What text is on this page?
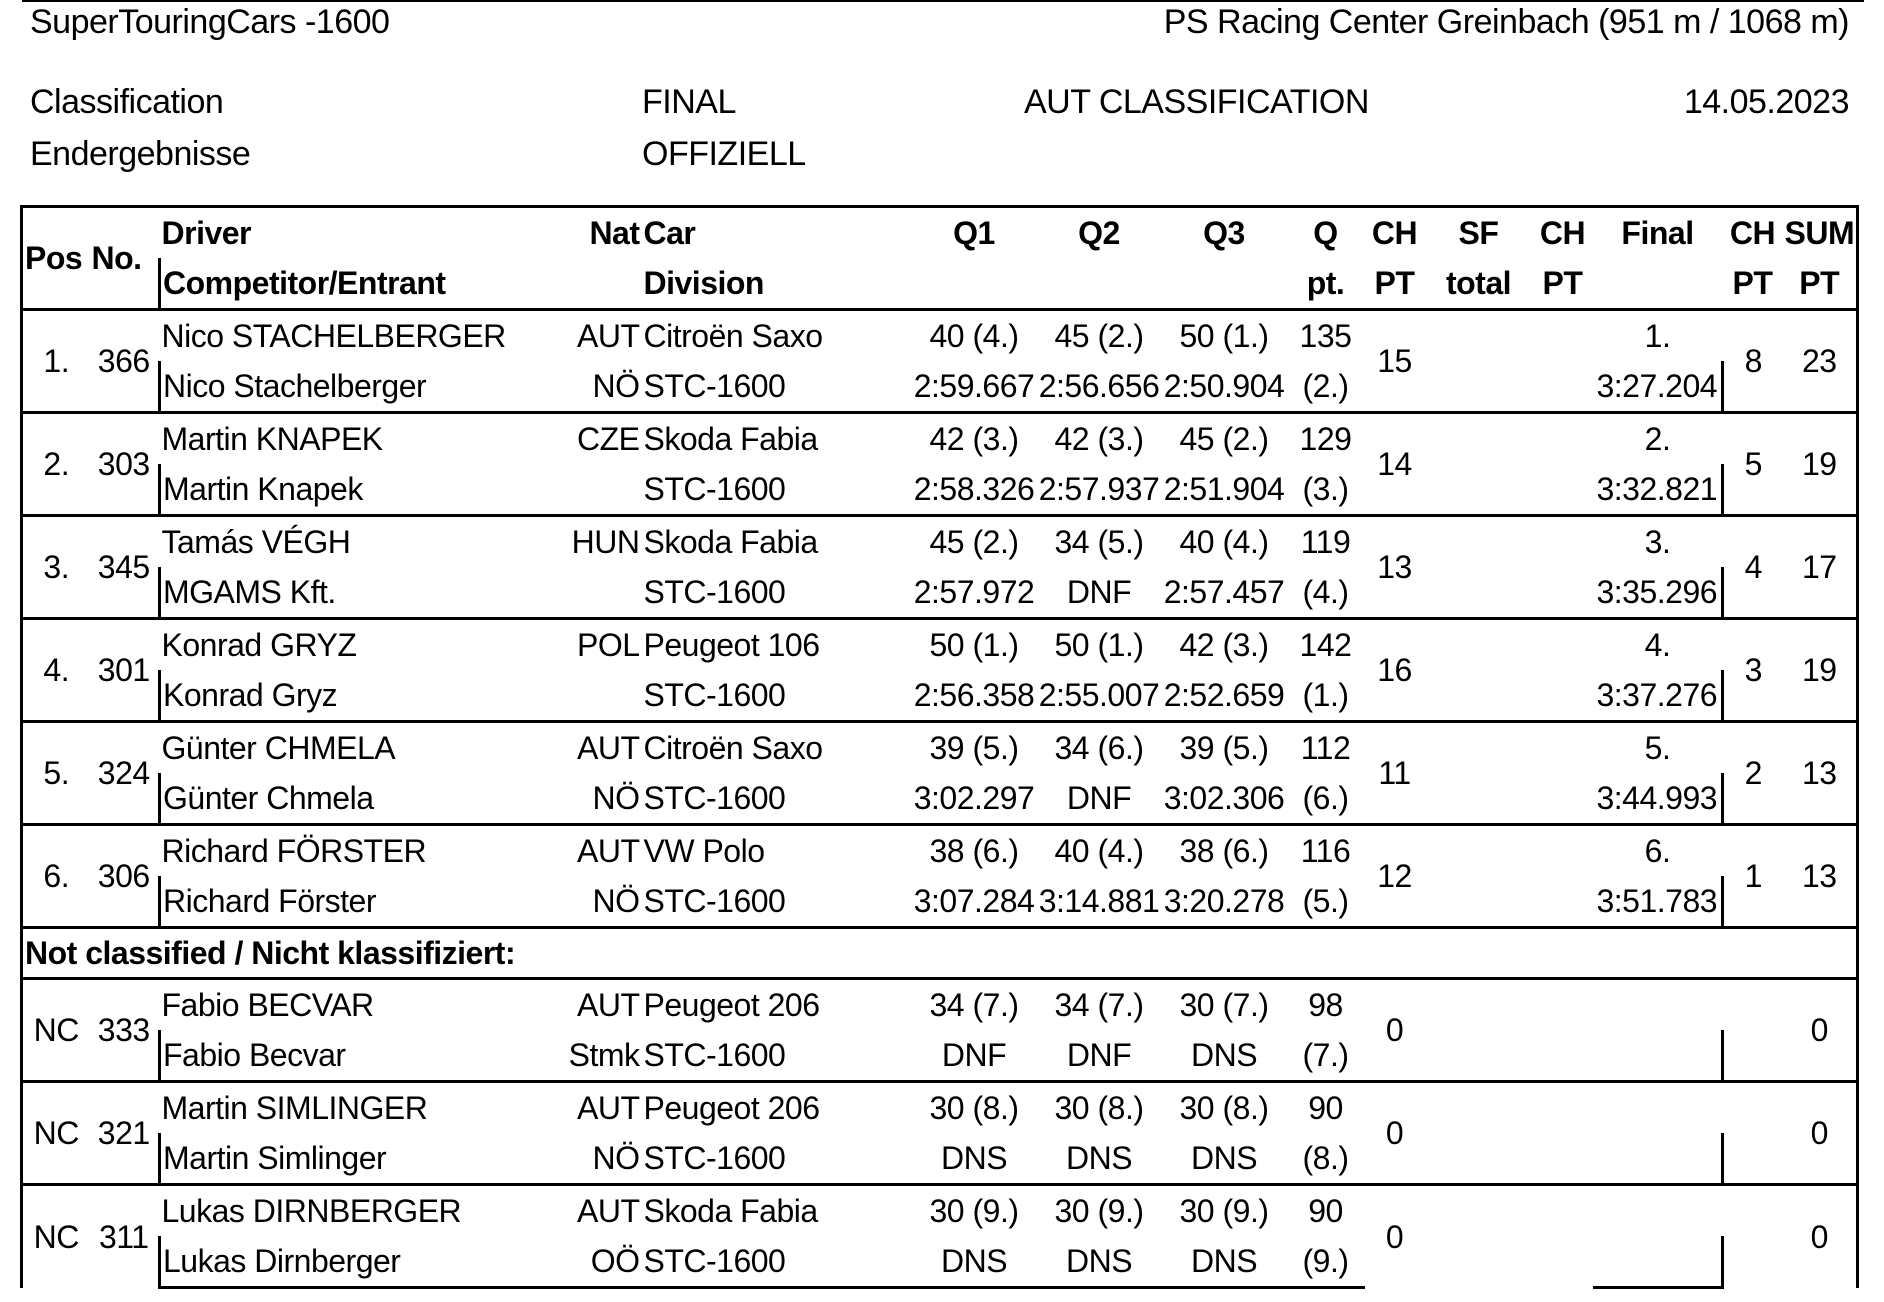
SuperTouringCars -1600	PS Racing Center Greinbach (951 m / 1068 m)
Classification
Endergebnisse
FINAL
OFFIZIELL
AUT CLASSIFICATION	14.05.2023
Pos	No.	Driver	Nat	Car	Q1	Q2	Q3	Q	CH	SF	CH	Final	CH	SUM
		Competitor/Entrant		Division				pt.	PT	total	PT		PT	PT
1.	366	Nico STACHELBERGER	AUT	Citroën Saxo	40 (4.)	45 (2.)	50 (1.)	135	15			1.	8	23
		Nico Stachelberger	NÖ	STC-1600	2:59.667	2:56.656	2:50.904	(2.)				3:27.204		
2.	303	Martin KNAPEK	CZE	Skoda Fabia	42 (3.)	42 (3.)	45 (2.)	129	14			2.	5	19
		Martin Knapek		STC-1600	2:58.326	2:57.937	2:51.904	(3.)				3:32.821		
3.	345	Tamás VÉGH	HUN	Skoda Fabia	45 (2.)	34 (5.)	40 (4.)	119	13			3.	4	17
		MGAMS Kft.		STC-1600	2:57.972	DNF	2:57.457	(4.)				3:35.296		
4.	301	Konrad GRYZ	POL	Peugeot 106	50 (1.)	50 (1.)	42 (3.)	142	16			4.	3	19
		Konrad Gryz		STC-1600	2:56.358	2:55.007	2:52.659	(1.)				3:37.276		
5.	324	Günter CHMELA	AUT	Citroën Saxo	39 (5.)	34 (6.)	39 (5.)	112	11			5.	2	13
		Günter Chmela	NÖ	STC-1600	3:02.297	DNF	3:02.306	(6.)				3:44.993		
6.	306	Richard FÖRSTER	AUT	VW Polo	38 (6.)	40 (4.)	38 (6.)	116	12			6.	1	13
		Richard Förster	NÖ	STC-1600	3:07.284	3:14.881	3:20.278	(5.)				3:51.783		
Not classified / Nicht klassifiziert:														
NC	333	Fabio BECVAR	AUT	Peugeot 206	34 (7.)	34 (7.)	30 (7.)	98	0					0
		Fabio Becvar	Stmk	STC-1600	DNF	DNF	DNS	(7.)						
NC	321	Martin SIMLINGER	AUT	Peugeot 206	30 (8.)	30 (8.)	30 (8.)	90	0					0
		Martin Simlinger	NÖ	STC-1600	DNS	DNS	DNS	(8.)						
NC	311	Lukas DIRNBERGER	AUT	Skoda Fabia	30 (9.)	30 (9.)	30 (9.)	90	0					0
		Lukas Dirnberger	OÖ	STC-1600	DNS	DNS	DNS	(9.)						
